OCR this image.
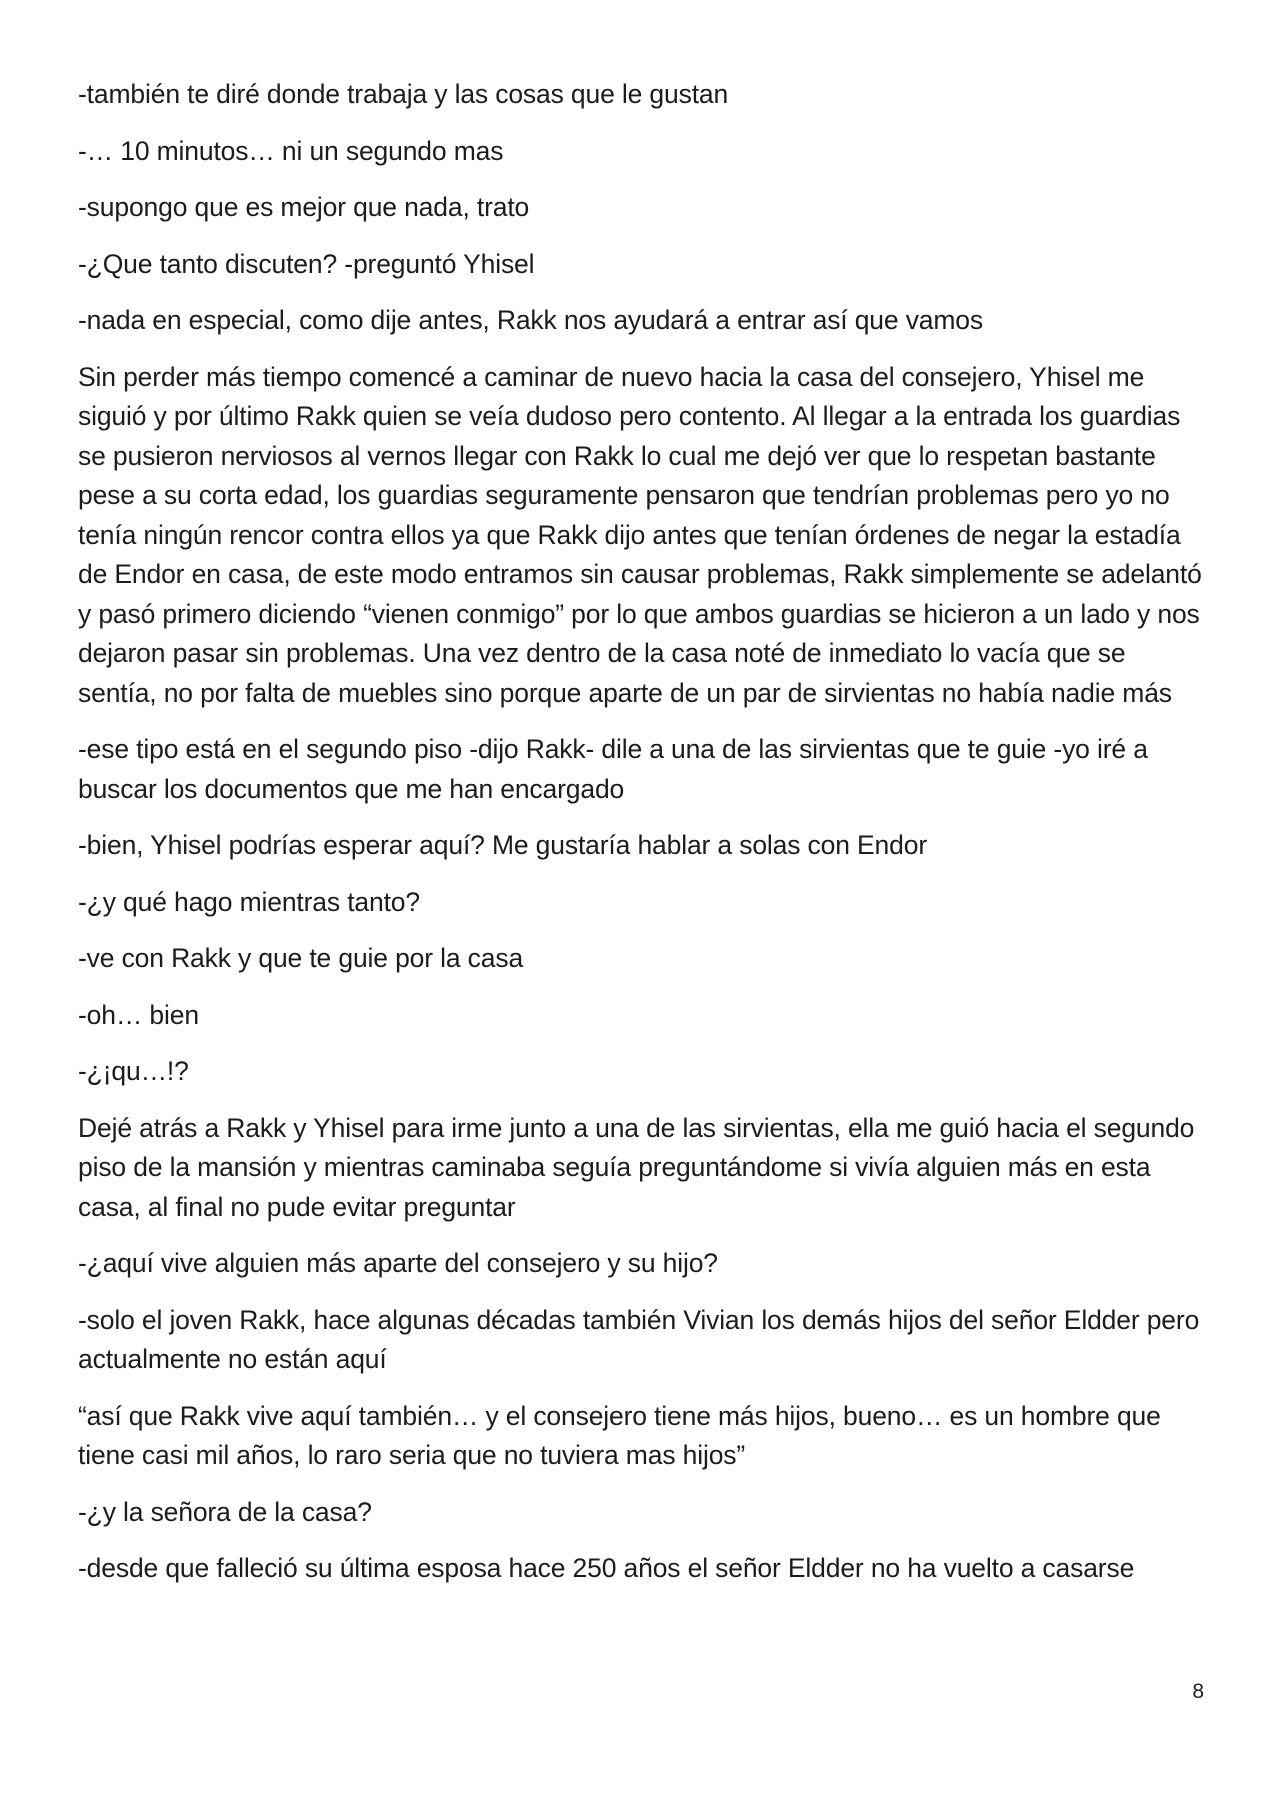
-también te diré donde trabaja y las cosas que le gustan

-… 10 minutos… ni un segundo mas

-supongo que es mejor que nada, trato

-¿Que tanto discuten? -preguntó Yhisel

-nada en especial, como dije antes, Rakk nos ayudará a entrar así que vamos

Sin perder más tiempo comencé a caminar de nuevo hacia la casa del consejero, Yhisel me siguió y por último Rakk quien se veía dudoso pero contento. Al llegar a la entrada los guardias se pusieron nerviosos al vernos llegar con Rakk lo cual me dejó ver que lo respetan bastante pese a su corta edad, los guardias seguramente pensaron que tendrían problemas pero yo no tenía ningún rencor contra ellos ya que Rakk dijo antes que tenían órdenes de negar la estadía de Endor en casa, de este modo entramos sin causar problemas, Rakk simplemente se adelantó y pasó primero diciendo “vienen conmigo” por lo que ambos guardias se hicieron a un lado y nos dejaron pasar sin problemas. Una vez dentro de la casa noté de inmediato lo vacía que se sentía, no por falta de muebles sino porque aparte de un par de sirvientas no había nadie más

-ese tipo está en el segundo piso -dijo Rakk- dile a una de las sirvientas que te guie -yo iré a buscar los documentos que me han encargado

-bien, Yhisel podrías esperar aquí? Me gustaría hablar a solas con Endor

-¿y qué hago mientras tanto?

-ve con Rakk y que te guie por la casa

-oh… bien

-¿¡qu…!?

Dejé atrás a Rakk y Yhisel para irme junto a una de las sirvientas, ella me guió hacia el segundo piso de la mansión y mientras caminaba seguía preguntándome si vivía alguien más en esta casa, al final no pude evitar preguntar

-¿aquí vive alguien más aparte del consejero y su hijo?

-solo el joven Rakk, hace algunas décadas también Vivian los demás hijos del señor Eldder pero actualmente no están aquí

“así que Rakk vive aquí también… y el consejero tiene más hijos, bueno… es un hombre que tiene casi mil años, lo raro seria que no tuviera mas hijos”

-¿y la señora de la casa?

-desde que falleció su última esposa hace 250 años el señor Eldder no ha vuelto a casarse

8
